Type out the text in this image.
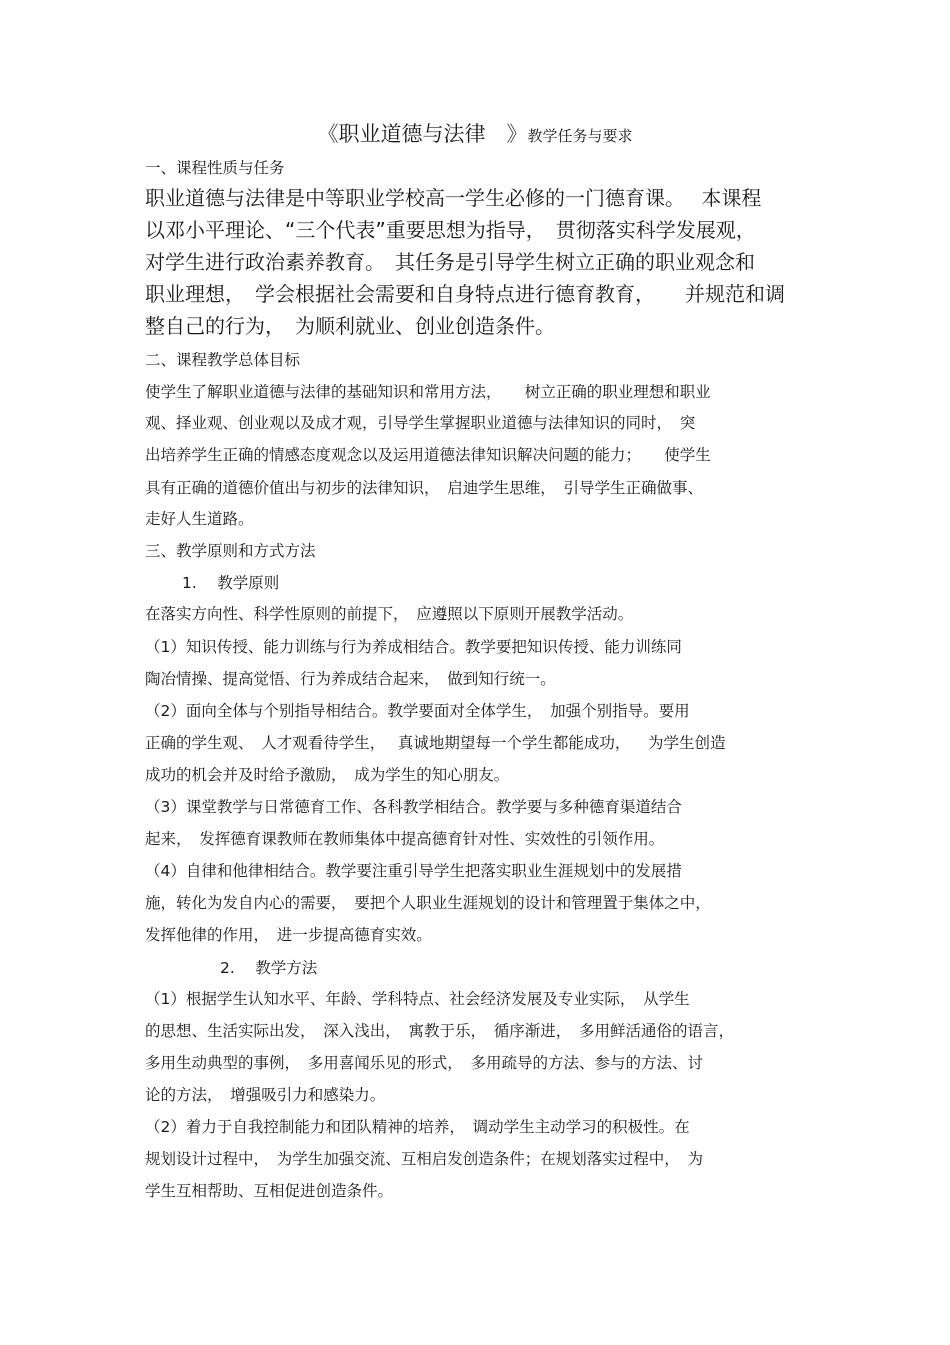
《职业道德与法律　》教学任务与要求
一、课程性质与任务
职业道德与法律是中等职业学校高一学生必修的一门德育课。　 本课程
以邓小平理论、“三个代表”重要思想为指导，　贯彻落实科学发展观，
对学生进行政治素养教育。　其任务是引导学生树立正确的职业观念和
职业理想，　学会根据社会需要和自身特点进行德育教育，　　并规范和调
整自己的行为，　为顺利就业、创业创造条件。
二、课程教学总体目标
使学生了解职业道德与法律的基础知识和常用方法，　　树立正确的职业理想和职业
观、择业观、创业观以及成才观，引导学生掌握职业道德与法律知识的同时，　突
出培养学生正确的情感态度观念以及运用道德法律知识解决问题的能力；　　使学生
具有正确的道德价值出与初步的法律知识，　启迪学生思维，　引导学生正确做事、
走好人生道路。
三、教学原则和方式方法
1.　 教学原则
在落实方向性、科学性原则的前提下，　应遵照以下原则开展教学活动。
（1）知识传授、能力训练与行为养成相结合。教学要把知识传授、能力训练同
陶冶情操、提高觉悟、行为养成结合起来，　做到知行统一。
（2）面向全体与个别指导相结合。教学要面对全体学生，　加强个别指导。要用
正确的学生观、　人才观看待学生，　 真诚地期望每一个学生都能成功，　  为学生创造
成功的机会并及时给予激励，　成为学生的知心朋友。
（3）课堂教学与日常德育工作、各科教学相结合。教学要与多种德育渠道结合
起来，　发挥德育课教师在教师集体中提高德育针对性、实效性的引领作用。
（4）自律和他律相结合。教学要注重引导学生把落实职业生涯规划中的发展措
施，转化为发自内心的需要，　要把个人职业生涯规划的设计和管理置于集体之中，
发挥他律的作用，　进一步提高德育实效。
2.　 教学方法
（1）根据学生认知水平、年龄、学科特点、社会经济发展及专业实际，　从学生
的思想、生活实际出发，　深入浅出，　寓教于乐，　循序渐进，　多用鲜活通俗的语言，
多用生动典型的事例，　多用喜闻乐见的形式，　多用疏导的方法、参与的方法、讨
论的方法，　增强吸引力和感染力。
（2）着力于自我控制能力和团队精神的培养，　调动学生主动学习的积极性。在
规划设计过程中，　为学生加强交流、互相启发创造条件；在规划落实过程中，　为
学生互相帮助、互相促进创造条件。
